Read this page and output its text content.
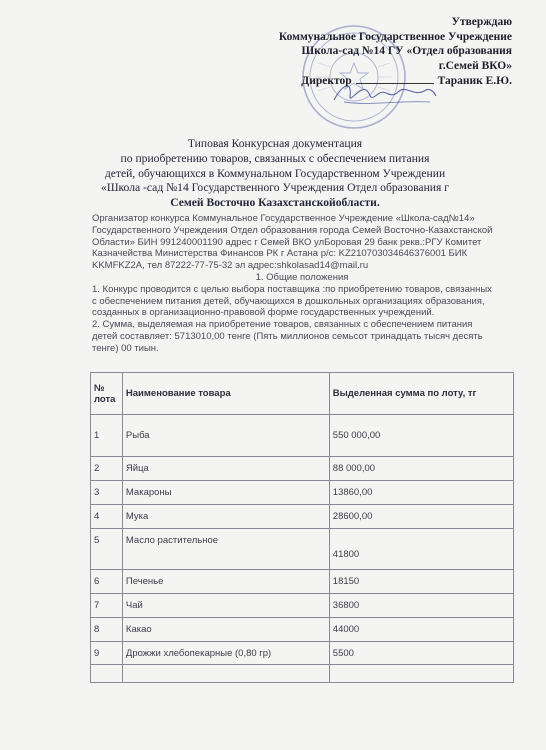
Утверждаю
Коммунальное Государственное Учреждение
Школа-сад №14 ГУ «Отдел образования
г.Семей ВКО»
Директор	Тараник Е.Ю.
Типовая Конкурсная документация
по приобретению товаров, связанных с обеспечением питания
детей, обучающихся в Коммунальном Государственном Учреждении
«Школа -сад №14 Государственного Учреждения Отдел образования г
Семей Восточно Казахстанскойобласти.
Организатор конкурса Коммунальное Государственное Учреждение «Школа-сад№14»
Государственного Учреждения Отдел образования города Семей Восточно-Казахстанской
Области» БИН 991240001190 адрес г Семей ВКО улБоровая 29 банк рекв.:РГУ Комитет
Казначейства Министерства Финансов РК г Астана р/с: KZ210703034646376001 БИК
KKMFKZ2A, тел 87222-77-75-32 эл адрес:shkolasad14@mail.ru
1. Общие положения
1. Конкурс проводится с целью выбора поставщика :по приобретению товаров, связанных
с обеспечением питания детей, обучающихся в дошкольных организациях образования,
созданных в организационно-правовой форме государственных учреждений.
2. Сумма, выделяемая на приобретение товаров, связанных с обеспечением питания
детей составляет: 5713010,00 тенге (Пять миллионов семьсот тринадцать тысяч десять
тенге) 00 тиын.
№
лота	Наименование товара	Выделенная сумма по лоту, тг
1	Рыба	550 000,00
2	Яйца	88 000,00
3	Макароны	13860,00
4	Мука	28600,00
5	Масло растительное	41800
6	Печенье	18150
7	Чай	36800
8	Какао	44000
9	Дрожжи хлебопекарные (0,80 гр)	5500
